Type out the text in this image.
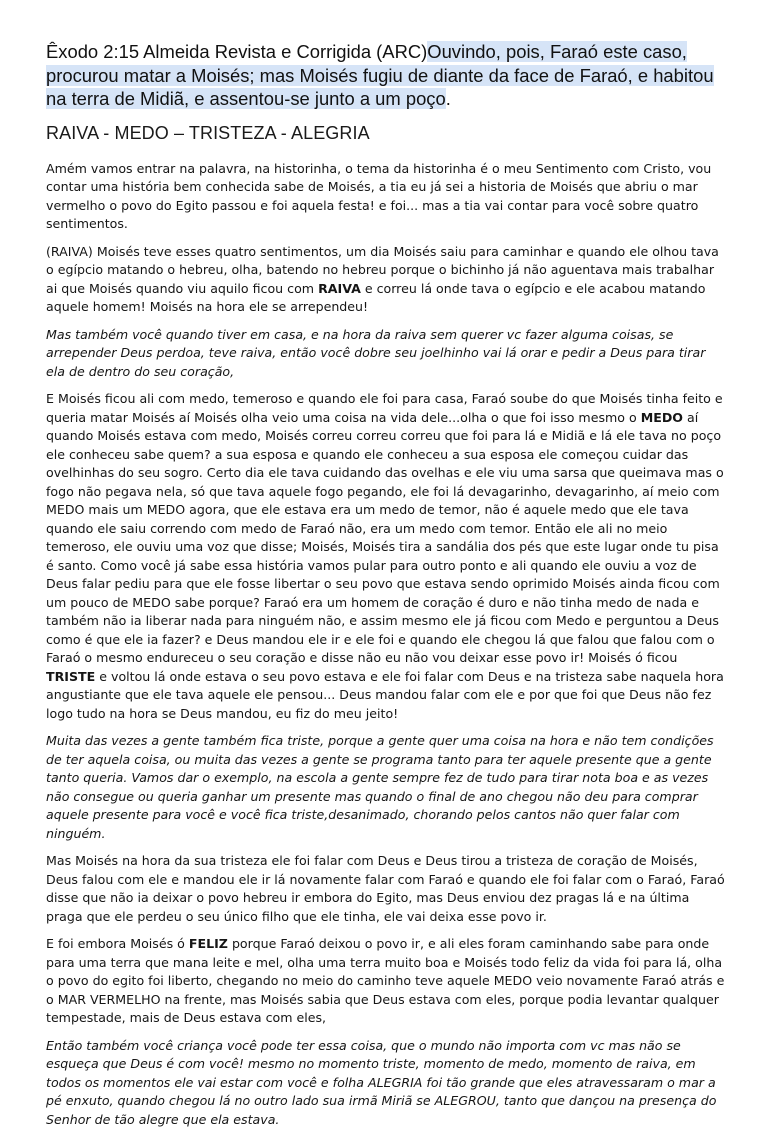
Êxodo 2:15 Almeida Revista e Corrigida (ARC)Ouvindo, pois, Faraó este caso, procurou matar a Moisés; mas Moisés fugiu de diante da face de Faraó, e habitou na terra de Midiã, e assentou-se junto a um poço.

RAIVA - MEDO – TRISTEZA - ALEGRIA

Amém vamos entrar na palavra, na historinha, o tema da historinha é o meu Sentimento com Cristo, vou contar uma história bem conhecida sabe de Moisés, a tia eu já sei a historia de Moisés que abriu o mar vermelho o povo do Egito passou e foi aquela festa! e foi... mas a tia vai contar para você sobre quatro sentimentos.

(RAIVA) Moisés teve esses quatro sentimentos, um dia Moisés saiu para caminhar e quando ele olhou tava o egípcio matando o hebreu, olha, batendo no hebreu porque o bichinho já não aguentava mais trabalhar ai que Moisés quando viu aquilo ficou com RAIVA e correu lá onde tava o egípcio e ele acabou matando aquele homem! Moisés na hora ele se arrependeu!

Mas também você quando tiver em casa, e na hora da raiva sem querer vc fazer alguma coisas, se arrepender Deus perdoa, teve raiva, então você dobre seu joelhinho vai lá orar e pedir a Deus para tirar ela de dentro do seu coração,

E Moisés ficou ali com medo, temeroso e quando ele foi para casa, Faraó soube do que Moisés tinha feito e queria matar Moisés aí Moisés olha veio uma coisa na vida dele...olha o que foi isso mesmo o MEDO aí quando Moisés estava com medo, Moisés correu correu correu que foi para lá e Midiã e lá ele tava no poço ele conheceu sabe quem? a sua esposa e quando ele conheceu a sua esposa ele começou cuidar das ovelhinhas do seu sogro. Certo dia ele tava cuidando das ovelhas e ele viu uma sarsa que queimava mas o fogo não pegava nela, só que tava aquele fogo pegando, ele foi lá devagarinho, devagarinho, aí meio com MEDO mais um MEDO agora, que ele estava era um medo de temor, não é aquele medo que ele tava quando ele saiu correndo com medo de Faraó não, era um medo com temor. Então ele ali no meio temeroso, ele ouviu uma voz que disse; Moisés, Moisés tira a sandália dos pés que este lugar onde tu pisa é santo. Como você já sabe essa história vamos pular para outro ponto e ali quando ele ouviu a voz de Deus falar pediu para que ele fosse libertar o seu povo que estava sendo oprimido Moisés ainda ficou com um pouco de MEDO sabe porque? Faraó era um homem de coração é duro e não tinha medo de nada e também não ia liberar nada para ninguém não, e assim mesmo ele já ficou com Medo e perguntou a Deus como é que ele ia fazer? e Deus mandou ele ir e ele foi e quando ele chegou lá que falou que falou com o Faraó o mesmo endureceu o seu coração e disse não eu não vou deixar esse povo ir! Moisés ó ficou TRISTE e voltou lá onde estava o seu povo estava e ele foi falar com Deus e na tristeza sabe naquela hora angustiante que ele tava aquele ele pensou... Deus mandou falar com ele e por que foi que Deus não fez logo tudo na hora se Deus mandou, eu fiz do meu jeito!

Muita das vezes a gente também fica triste, porque a gente quer uma coisa na hora e não tem condições de ter aquela coisa, ou muita das vezes a gente se programa tanto para ter aquele presente que a gente tanto queria. Vamos dar o exemplo, na escola a gente sempre fez de tudo para tirar nota boa e as vezes não consegue ou queria ganhar um presente mas quando o final de ano chegou não deu para comprar aquele presente para você e você fica triste,desanimado, chorando pelos cantos não quer falar com ninguém.

Mas Moisés na hora da sua tristeza ele foi falar com Deus e Deus tirou a tristeza de coração de Moisés, Deus falou com ele e mandou ele ir lá novamente falar com Faraó e quando ele foi falar com o Faraó, Faraó disse que não ia deixar o povo hebreu ir embora do Egito, mas Deus enviou dez pragas lá e na última praga que ele perdeu o seu único filho que ele tinha, ele vai deixa esse povo ir.

E foi embora Moisés ó FELIZ porque Faraó deixou o povo ir, e ali eles foram caminhando sabe para onde para uma terra que mana leite e mel, olha uma terra muito boa e Moisés todo feliz da vida foi para lá, olha o povo do egito foi liberto, chegando no meio do caminho teve aquele MEDO veio novamente Faraó atrás e o MAR VERMELHO na frente, mas Moisés sabia que Deus estava com eles, porque podia levantar qualquer tempestade, mais de Deus estava com eles,

Então também você criança você pode ter essa coisa, que o mundo não importa com vc mas não se esqueça que Deus é com você! mesmo no momento triste, momento de medo, momento de raiva, em todos os momentos ele vai estar com você e folha ALEGRIA foi tão grande que eles atravessaram o mar a pé enxuto, quando chegou lá no outro lado sua irmã Miriã se ALEGROU, tanto que dançou na presença do Senhor de tão alegre que ela estava.
